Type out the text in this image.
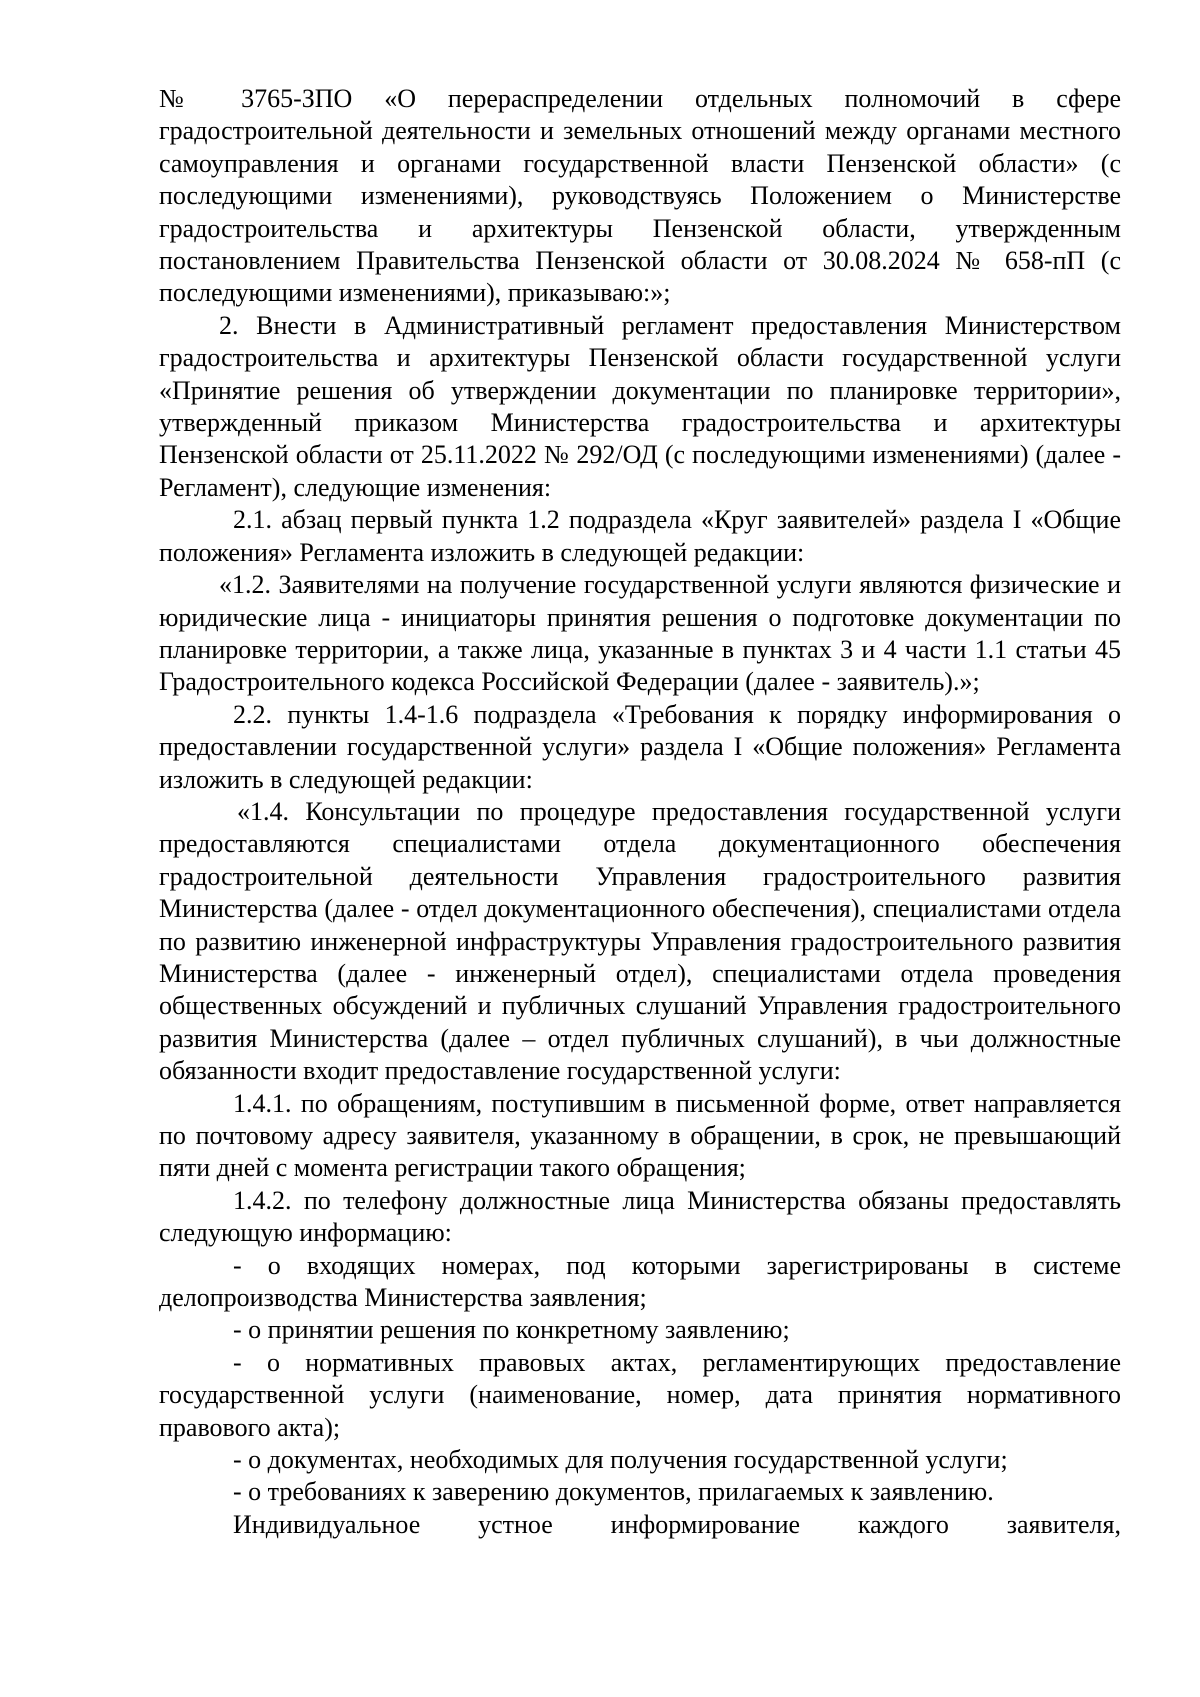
№ 3765-ЗПО «О перераспределении отдельных полномочий в сфере градостроительной деятельности и земельных отношений между органами местного самоуправления и органами государственной власти Пензенской области» (с последующими изменениями), руководствуясь Положением о Министерстве градостроительства и архитектуры Пензенской области, утвержденным постановлением Правительства Пензенской области от 30.08.2024 № 658-пП (с последующими изменениями), приказываю:»;

2. Внести в Административный регламент предоставления Министерством градостроительства и архитектуры Пензенской области государственной услуги «Принятие решения об утверждении документации по планировке территории», утвержденный приказом Министерства градостроительства и архитектуры Пензенской области от 25.11.2022 № 292/ОД (с последующими изменениями) (далее - Регламент), следующие изменения:

2.1. абзац первый пункта 1.2 подраздела «Круг заявителей» раздела I «Общие положения» Регламента изложить в следующей редакции:

«1.2. Заявителями на получение государственной услуги являются физические и юридические лица - инициаторы принятия решения о подготовке документации по планировке территории, а также лица, указанные в пунктах 3 и 4 части 1.1 статьи 45 Градостроительного кодекса Российской Федерации (далее - заявитель).»;

2.2. пункты 1.4-1.6 подраздела «Требования к порядку информирования о предоставлении государственной услуги» раздела I «Общие положения» Регламента изложить в следующей редакции:

«1.4. Консультации по процедуре предоставления государственной услуги предоставляются специалистами отдела документационного обеспечения градостроительной деятельности Управления градостроительного развития Министерства (далее - отдел документационного обеспечения), специалистами отдела по развитию инженерной инфраструктуры Управления градостроительного развития Министерства (далее - инженерный отдел), специалистами отдела проведения общественных обсуждений и публичных слушаний Управления градостроительного развития Министерства (далее – отдел публичных слушаний), в чьи должностные обязанности входит предоставление государственной услуги:

1.4.1. по обращениям, поступившим в письменной форме, ответ направляется по почтовому адресу заявителя, указанному в обращении, в срок, не превышающий пяти дней с момента регистрации такого обращения;

1.4.2. по телефону должностные лица Министерства обязаны предоставлять следующую информацию:

- о входящих номерах, под которыми зарегистрированы в системе делопроизводства Министерства заявления;

- о принятии решения по конкретному заявлению;

- о нормативных правовых актах, регламентирующих предоставление государственной услуги (наименование, номер, дата принятия нормативного правового акта);

- о документах, необходимых для получения государственной услуги;

- о требованиях к заверению документов, прилагаемых к заявлению.

Индивидуальное устное информирование каждого заявителя,
